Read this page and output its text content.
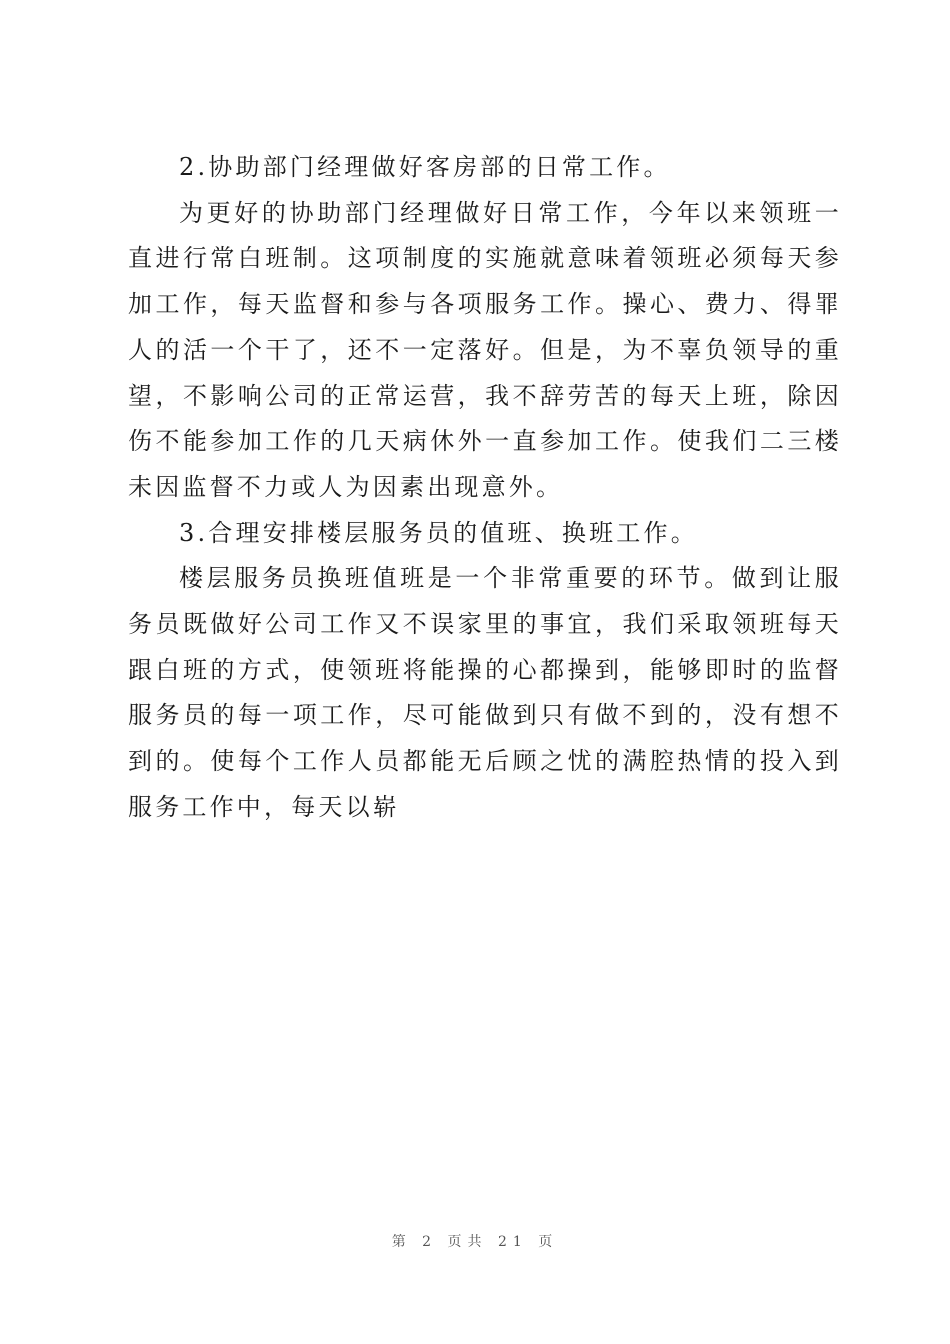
2.协助部门经理做好客房部的日常工作。

为更好的协助部门经理做好日常工作，今年以来领班一直进行常白班制。这项制度的实施就意味着领班必须每天参加工作，每天监督和参与各项服务工作。操心、费力、得罪人的活一个干了，还不一定落好。但是，为不辜负领导的重望，不影响公司的正常运营，我不辞劳苦的每天上班，除因伤不能参加工作的几天病休外一直参加工作。使我们二三楼未因监督不力或人为因素出现意外。

3.合理安排楼层服务员的值班、换班工作。

楼层服务员换班值班是一个非常重要的环节。做到让服务员既做好公司工作又不误家里的事宜，我们采取领班每天跟白班的方式，使领班将能操的心都操到，能够即时的监督服务员的每一项工作，尽可能做到只有做不到的，没有想不到的。使每个工作人员都能无后顾之忧的满腔热情的投入到服务工作中，每天以崭

第 2 页共 21 页
